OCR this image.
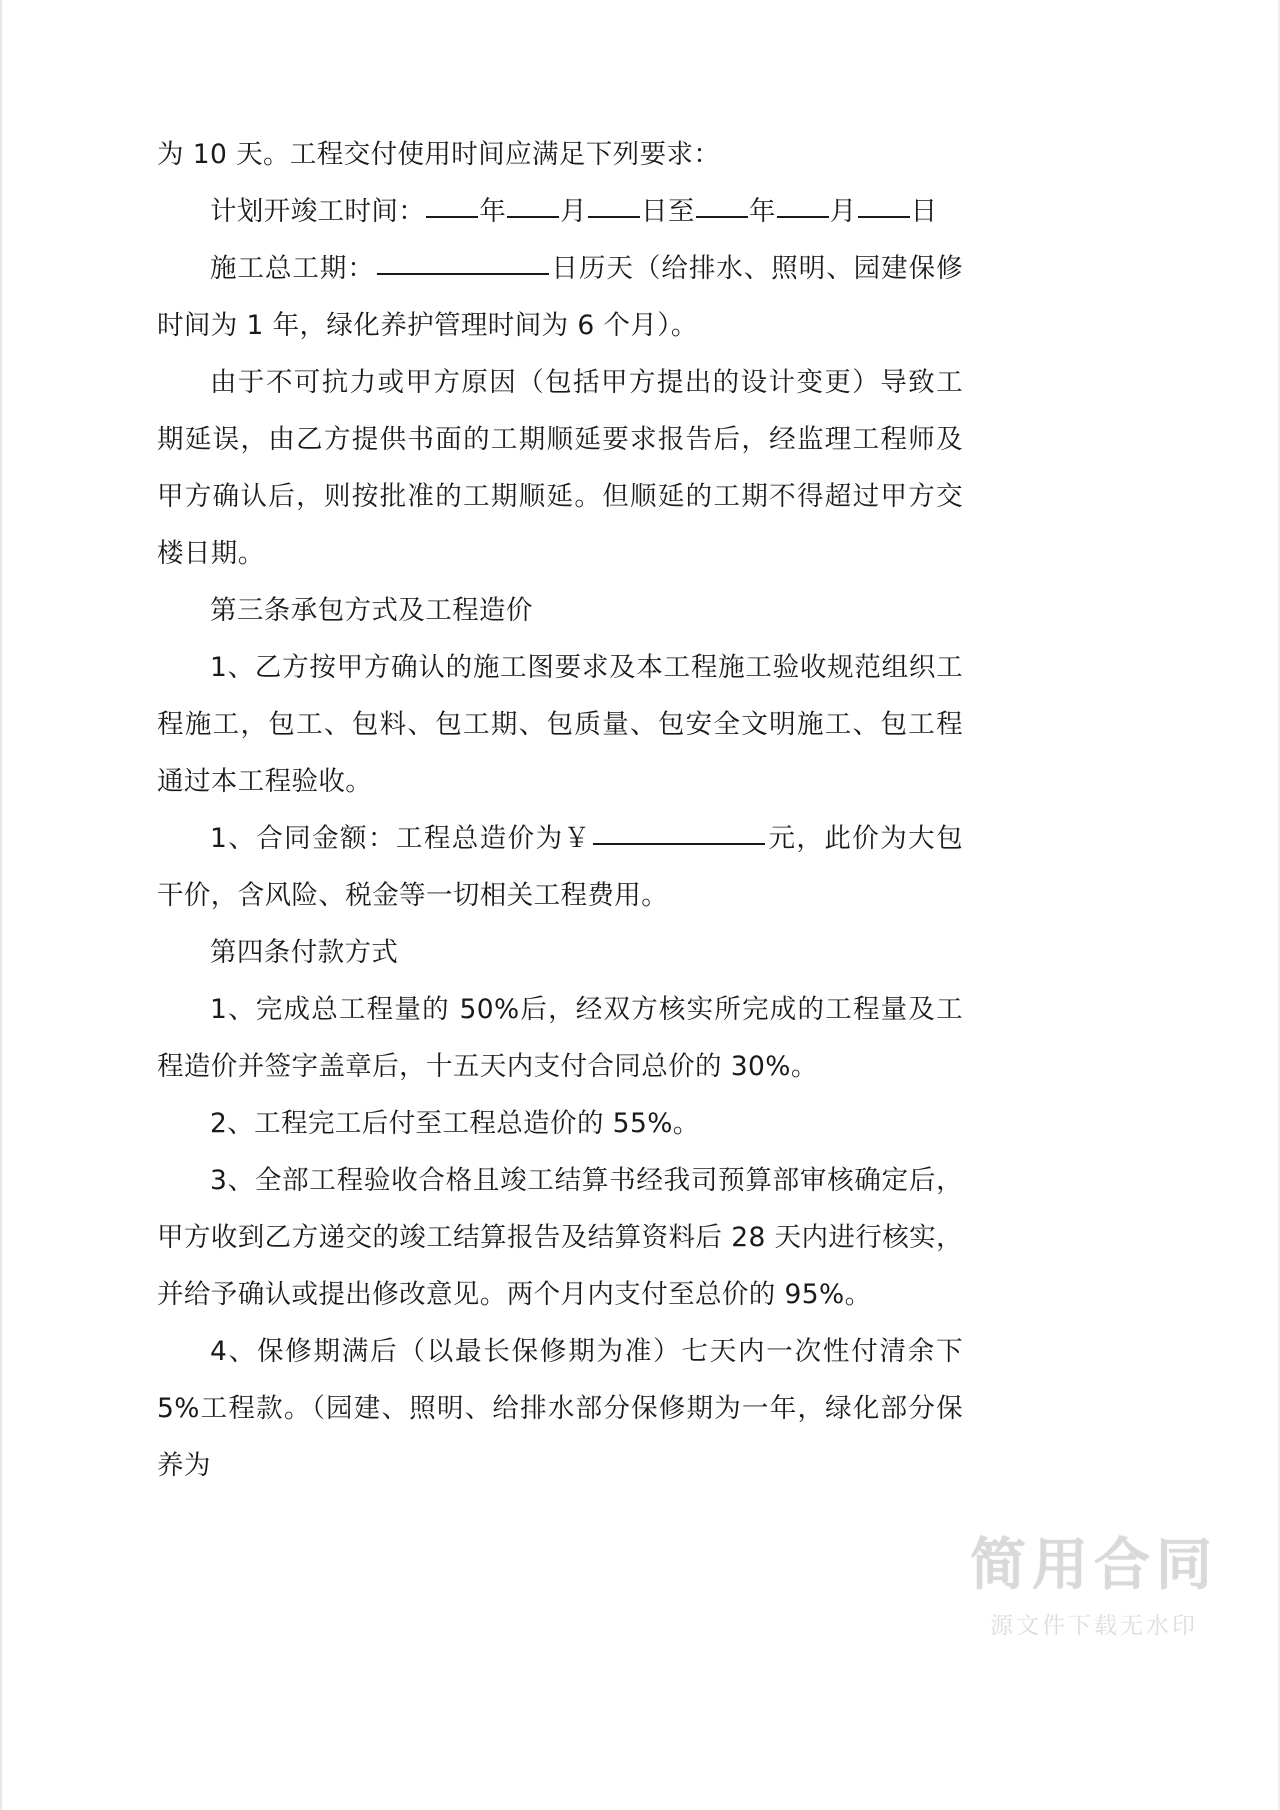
为 10 天。工程交付使用时间应满足下列要求：

计划开竣工时间： 年 月 日至 年 月 日

施工总工期：	日历天（给排水、照明、园建保修时间为 1 年，绿化养护管理时间为 6 个月）。

由于不可抗力或甲方原因（包括甲方提出的设计变更）导致工期延误，由乙方提供书面的工期顺延要求报告后，经监理工程师及甲方确认后，则按批准的工期顺延。但顺延的工期不得超过甲方交楼日期。

第三条承包方式及工程造价

1、乙方按甲方确认的施工图要求及本工程施工验收规范组织工程施工，包工、包料、包工期、包质量、包安全文明施工、包工程通过本工程验收。

1、合同金额：工程总造价为￥	元，此价为大包干价，含风险、税金等一切相关工程费用。

第四条付款方式

1、完成总工程量的 50%后，经双方核实所完成的工程量及工程造价并签字盖章后，十五天内支付合同总价的 30%。

2、工程完工后付至工程总造价的 55%。

3、全部工程验收合格且竣工结算书经我司预算部审核确定后，甲方收到乙方递交的竣工结算报告及结算资料后 28 天内进行核实，并给予确认或提出修改意见。两个月内支付至总价的 95%。

4、保修期满后（以最长保修期为准）七天内一次性付清余下 5%工程款。（园建、照明、给排水部分保修期为一年，绿化部分保养为

简用合同
源文件下载无水印
